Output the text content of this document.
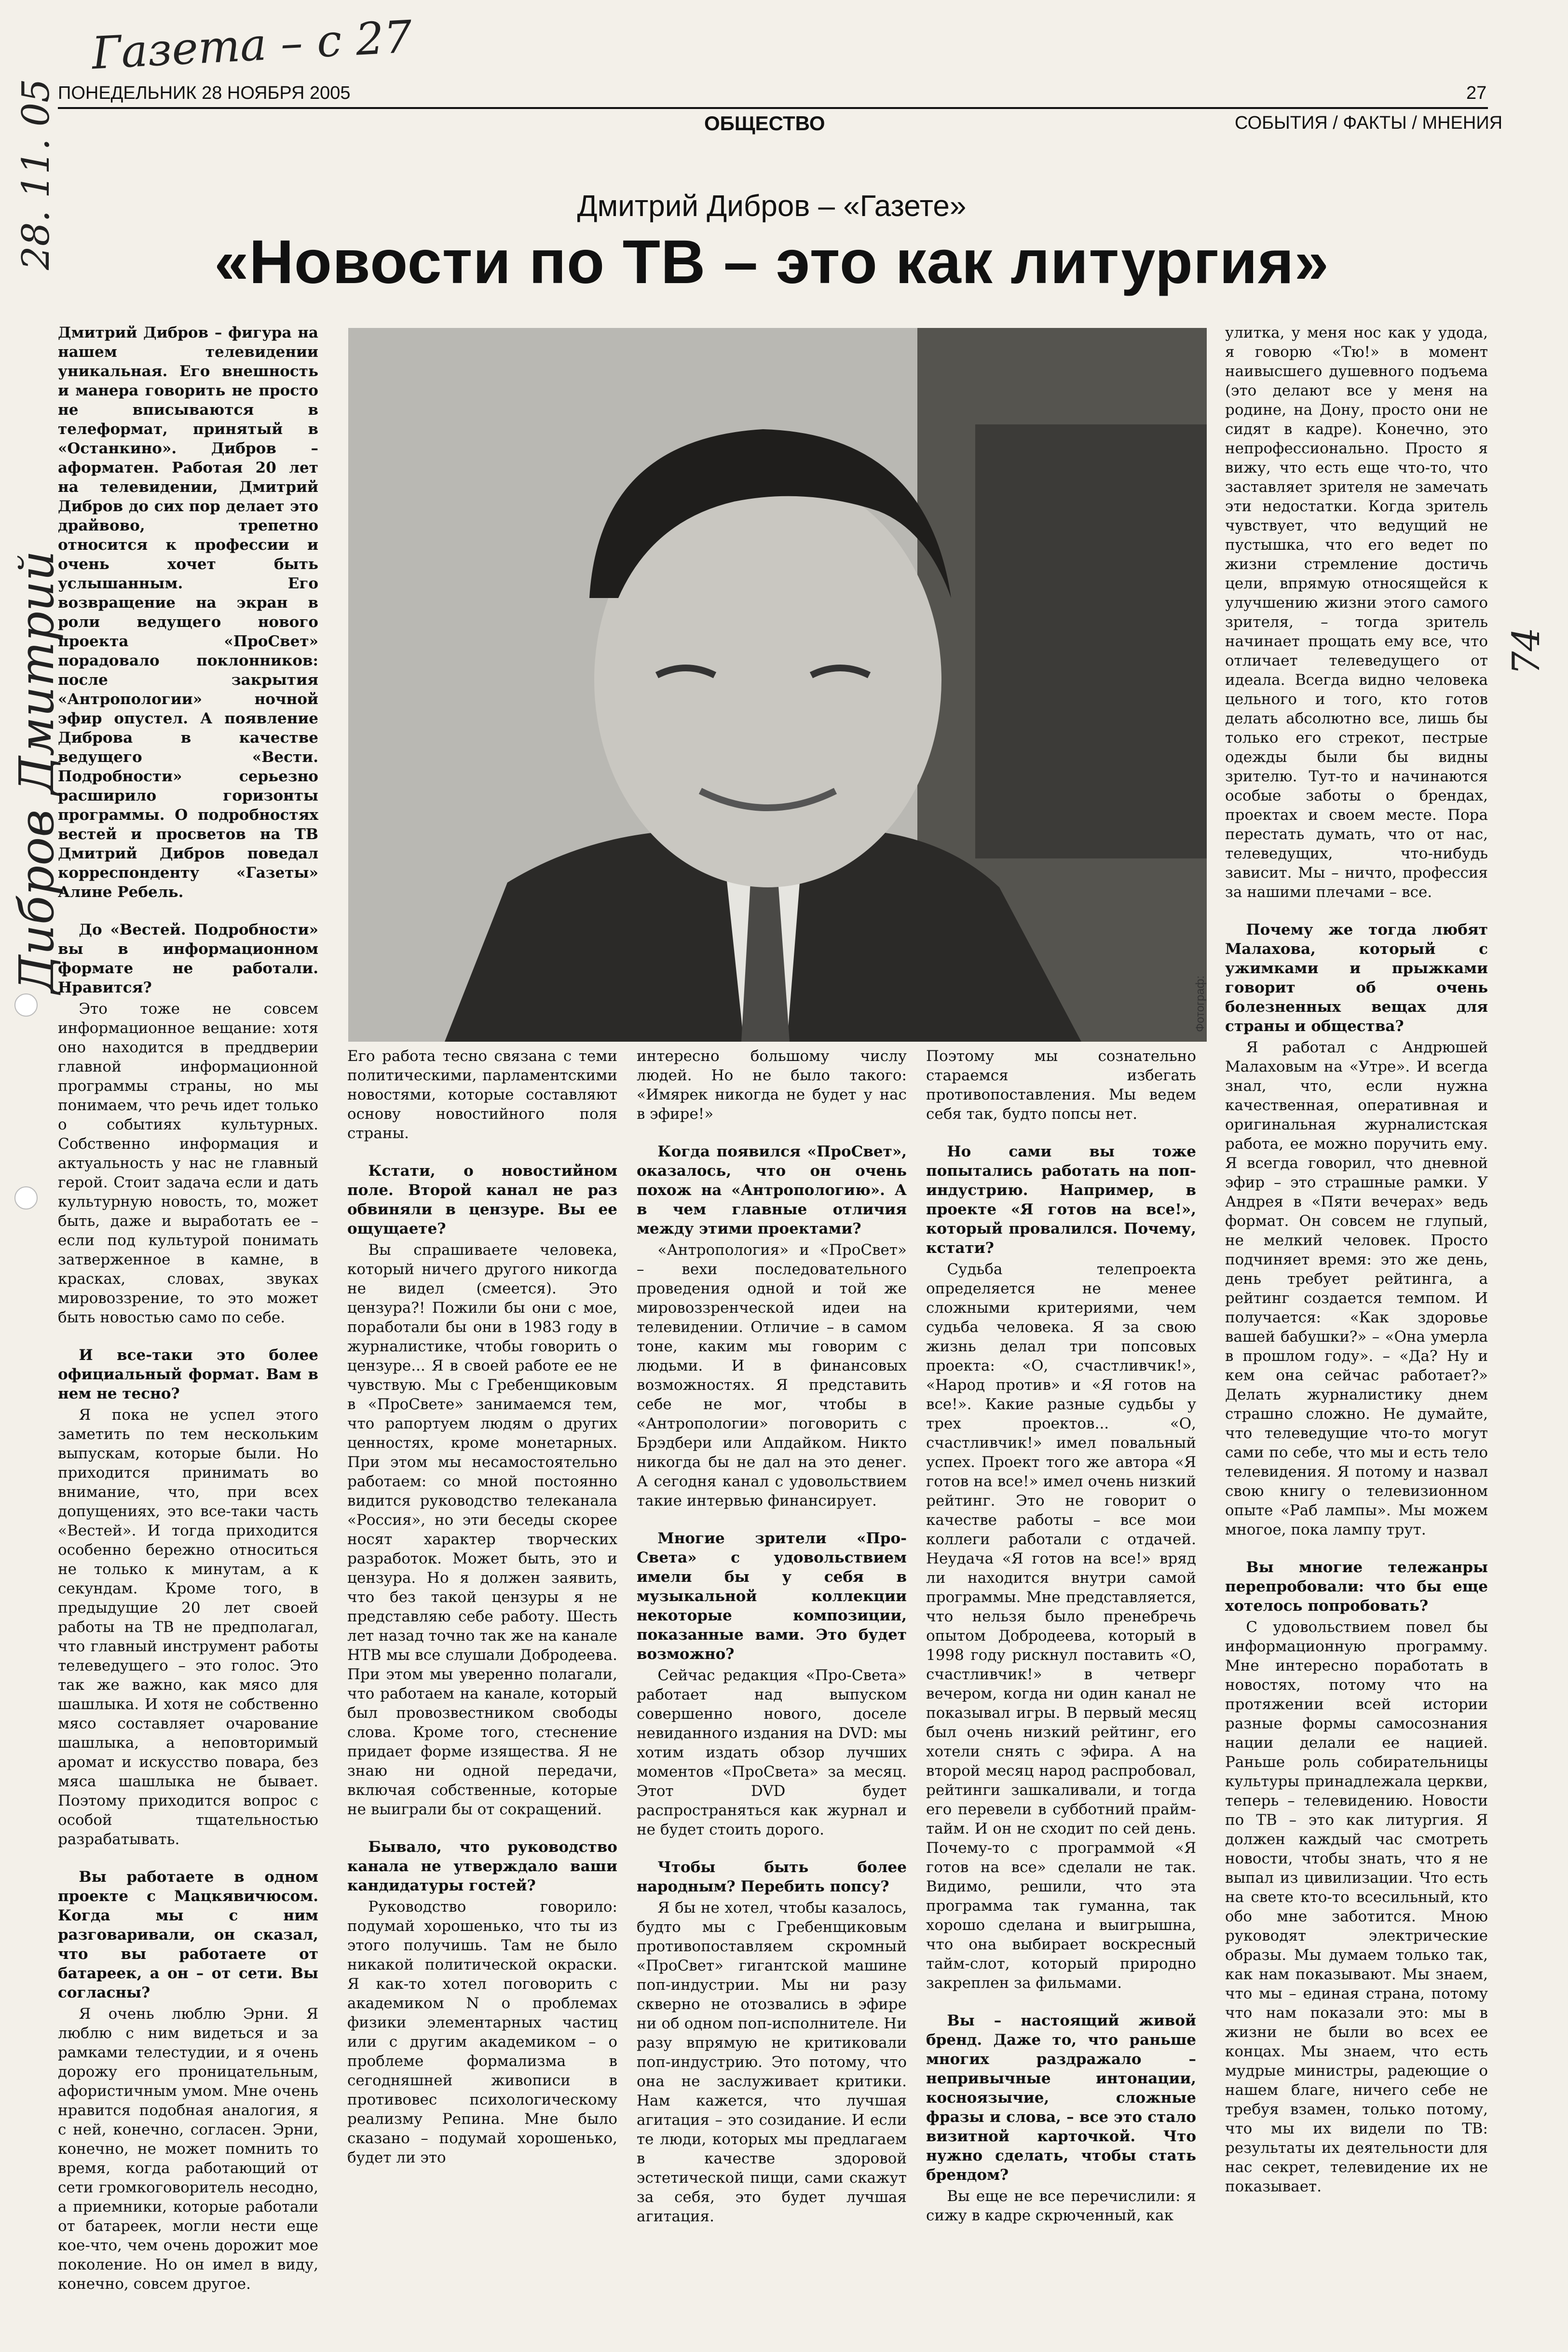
Газета – с 27
28. 11. 05
Дибров Дмитрий	74
ПОНЕДЕЛЬНИК 28 НОЯБРЯ 2005	27
ОБЩЕСТВО	СОБЫТИЯ / ФАКТЫ / МНЕНИЯ
Дмитрий Дибров – «Газете»
«Новости по ТВ – это как литургия»
Фотограф:

Дмитрий Дибров – фигура на нашем телевидении уникальная. Его внешность и манера говорить не просто не вписываются в телеформат, принятый в «Останкино». Дибров – аформатен. Работая 20 лет на телевидении, Дмитрий Дибров до сих пор делает это драйвово, трепетно относится к профессии и очень хочет быть услышанным. Его возвращение на экран в роли ведущего нового проекта «ПроСвет» порадовало поклонников: после закрытия «Антропологии» ночной эфир опустел. А появление Диброва в качестве ведущего «Вести. Подробности» серьезно расширило горизонты программы. О подробностях вестей и просветов на ТВ Дмитрий Дибров поведал корреспонденту «Газеты» Алине Ребель.

До «Вестей. Подробности» вы в информационном формате не работали. Нравится?

Это тоже не совсем информационное вещание: хотя оно находится в преддверии главной информационной программы страны, но мы понимаем, что речь идет только о событиях культурных. Собственно информация и актуальность у нас не главный герой. Стоит задача если и дать культурную новость, то, может быть, даже и выработать ее – если под культурой понимать затверженное в камне, в красках, словах, звуках мировоззрение, то это может быть новостью само по себе.

И все-таки это более официальный формат. Вам в нем не тесно?

Я пока не успел этого заметить по тем нескольким выпускам, которые были. Но приходится принимать во внимание, что, при всех допущениях, это все-таки часть «Вестей». И тогда приходится особенно бережно относиться не только к минутам, а к секундам. Кроме того, в предыдущие 20 лет своей работы на ТВ не предполагал, что главный инструмент работы телеведущего – это голос. Это так же важно, как мясо для шашлыка. И хотя не собственно мясо составляет очарование шашлыка, а неповторимый аромат и искусство повара, без мяса шашлыка не бывает. Поэтому приходится вопрос с особой тщательностью разрабатывать.

Вы работаете в одном проекте с Мацкявичюсом. Когда мы с ним разговаривали, он сказал, что вы работаете от батареек, а он – от сети. Вы согласны?

Я очень люблю Эрни. Я люблю с ним видеться и за рамками телестудии, и я очень дорожу его проницательным, афористичным умом. Мне очень нравится подобная аналогия, я с ней, конечно, согласен. Эрни, конечно, не может помнить то время, когда работающий от сети громкоговоритель несодно, а приемники, которые работали от батареек, могли нести еще кое-что, чем очень дорожит мое поколение. Но он имел в виду, конечно, совсем другое.

Его работа тесно связана с теми политическими, парламентскими новостями, которые составляют основу новостийного поля страны.

Кстати, о новостийном поле. Второй канал не раз обвиняли в цензуре. Вы ее ощущаете?

Вы спрашиваете человека, который ничего другого никогда не видел (смеется). Это цензура?! Пожили бы они с мое, поработали бы они в 1983 году в журналистике, чтобы говорить о цензуре... Я в своей работе ее не чувствую. Мы с Гребенщиковым в «ПроСвете» занимаемся тем, что рапортуем людям о других ценностях, кроме монетарных. При этом мы несамостоятельно работаем: со мной постоянно видится руководство телеканала «Россия», но эти беседы скорее носят характер творческих разработок. Может быть, это и цензура. Но я должен заявить, что без такой цензуры я не представляю себе работу. Шесть лет назад точно так же на канале НТВ мы все слушали Добродеева. При этом мы уверенно полагали, что работаем на канале, который был провозвестником свободы слова. Кроме того, стеснение придает форме изящества. Я не знаю ни одной передачи, включая собственные, которые не выиграли бы от сокращений.

Бывало, что руководство канала не утверждало ваши кандидатуры гостей?

Руководство говорило: подумай хорошенько, что ты из этого получишь. Там не было никакой политической окраски. Я как-то хотел поговорить с академиком N о проблемах физики элементарных частиц или с другим академиком – о проблеме формализма в сегодняшней живописи в противовес психологическому реализму Репина. Мне было сказано – подумай хорошенько, будет ли это

интересно большому числу людей. Но не было такого: «Имярек никогда не будет у нас в эфире!»

Когда появился «ПроСвет», оказалось, что он очень похож на «Антропологию». А в чем главные отличия между этими проектами?

«Антропология» и «ПроСвет» – вехи последовательного проведения одной и той же мировоззренческой идеи на телевидении. Отличие – в самом тоне, каким мы говорим с людьми. И в финансовых возможностях. Я представить себе не мог, чтобы в «Антропологии» поговорить с Брэдбери или Апдайком. Никто никогда бы не дал на это денег. А сегодня канал с удовольствием такие интервью финансирует.

Многие зрители «Про-Света» с удовольствием имели бы у себя в музыкальной коллекции некоторые композиции, показанные вами. Это будет возможно?

Сейчас редакция «Про-Света» работает над выпуском совершенно нового, доселе невиданного издания на DVD: мы хотим издать обзор лучших моментов «ПроСвета» за месяц. Этот DVD будет распространяться как журнал и не будет стоить дорого.

Чтобы быть более народным? Перебить попсу?

Я бы не хотел, чтобы казалось, будто мы с Гребенщиковым противопоставляем скромный «ПроСвет» гигантской машине поп-индустрии. Мы ни разу скверно не отозвались в эфире ни об одном поп-исполнителе. Ни разу впрямую не критиковали поп-индустрию. Это потому, что она не заслуживает критики. Нам кажется, что лучшая агитация – это созидание. И если те люди, которых мы предлагаем в качестве здоровой эстетической пищи, сами скажут за себя, это будет лучшая агитация.

Поэтому мы сознательно стараемся избегать противопоставления. Мы ведем себя так, будто попсы нет.

Но сами вы тоже попытались работать на поп-индустрию. Например, в проекте «Я готов на все!», который провалился. Почему, кстати?

Судьба телепроекта определяется не менее сложными критериями, чем судьба человека. Я за свою жизнь делал три попсовых проекта: «О, счастливчик!», «Народ против» и «Я готов на все!». Какие разные судьбы у трех проектов... «О, счастливчик!» имел повальный успех. Проект того же автора «Я готов на все!» имел очень низкий рейтинг. Это не говорит о качестве работы – все мои коллеги работали с отдачей. Неудача «Я готов на все!» вряд ли находится внутри самой программы. Мне представляется, что нельзя было пренебречь опытом Добродеева, который в 1998 году рискнул поставить «О, счастливчик!» в четверг вечером, когда ни один канал не показывал игры. В первый месяц был очень низкий рейтинг, его хотели снять с эфира. А на второй месяц народ распробовал, рейтинги зашкаливали, и тогда его перевели в субботний прайм-тайм. И он не сходит по сей день. Почему-то с программой «Я готов на все» сделали не так. Видимо, решили, что эта программа так гуманна, так хорошо сделана и выигрышна, что она выбирает воскресный тайм-слот, который природно закреплен за фильмами.

Вы – настоящий живой бренд. Даже то, что раньше многих раздражало – непривычные интонации, косноязычие, сложные фразы и слова, – все это стало визитной карточкой. Что нужно сделать, чтобы стать брендом?

Вы еще не все перечислили: я сижу в кадре скрюченный, как

улитка, у меня нос как у удода, я говорю «Тю!» в момент наивысшего душевного подъема (это делают все у меня на родине, на Дону, просто они не сидят в кадре). Конечно, это непрофессионально. Просто я вижу, что есть еще что-то, что заставляет зрителя не замечать эти недостатки. Когда зритель чувствует, что ведущий не пустышка, что его ведет по жизни стремление достичь цели, впрямую относящейся к улучшению жизни этого самого зрителя, – тогда зритель начинает прощать ему все, что отличает телеведущего от идеала. Всегда видно человека цельного и того, кто готов делать абсолютно все, лишь бы только его стрекот, пестрые одежды были бы видны зрителю. Тут-то и начинаются особые заботы о брендах, проектах и своем месте. Пора перестать думать, что от нас, телеведущих, что-нибудь зависит. Мы – ничто, профессия за нашими плечами – все.

Почему же тогда любят Малахова, который с ужимками и прыжками говорит об очень болезненных вещах для страны и общества?

Я работал с Андрюшей Малаховым на «Утре». И всегда знал, что, если нужна качественная, оперативная и оригинальная журналистская работа, ее можно поручить ему. Я всегда говорил, что дневной эфир – это страшные рамки. У Андрея в «Пяти вечерах» ведь формат. Он совсем не глупый, не мелкий человек. Просто подчиняет время: это же день, день требует рейтинга, а рейтинг создается темпом. И получается: «Как здоровье вашей бабушки?» – «Она умерла в прошлом году». – «Да? Ну и кем она сейчас работает?» Делать журналистику днем страшно сложно. Не думайте, что телеведущие что-то могут сами по себе, что мы и есть тело телевидения. Я потому и назвал свою книгу о телевизионном опыте «Раб лампы». Мы можем многое, пока лампу трут.

Вы многие тележанры перепробовали: что бы еще хотелось попробовать?

С удовольствием повел бы информационную программу. Мне интересно поработать в новостях, потому что на протяжении всей истории разные формы самосознания нации делали ее нацией. Раньше роль собирательницы культуры принадлежала церкви, теперь – телевидению. Новости по ТВ – это как литургия. Я должен каждый час смотреть новости, чтобы знать, что я не выпал из цивилизации. Что есть на свете кто-то всесильный, кто обо мне заботится. Мною руководят электрические образы. Мы думаем только так, как нам показывают. Мы знаем, что мы – единая страна, потому что нам показали это: мы в жизни не были во всех ее концах. Мы знаем, что есть мудрые министры, радеющие о нашем благе, ничего себе не требуя взамен, только потому, что мы их видели по ТВ: результаты их деятельности для нас секрет, телевидение их не показывает.
